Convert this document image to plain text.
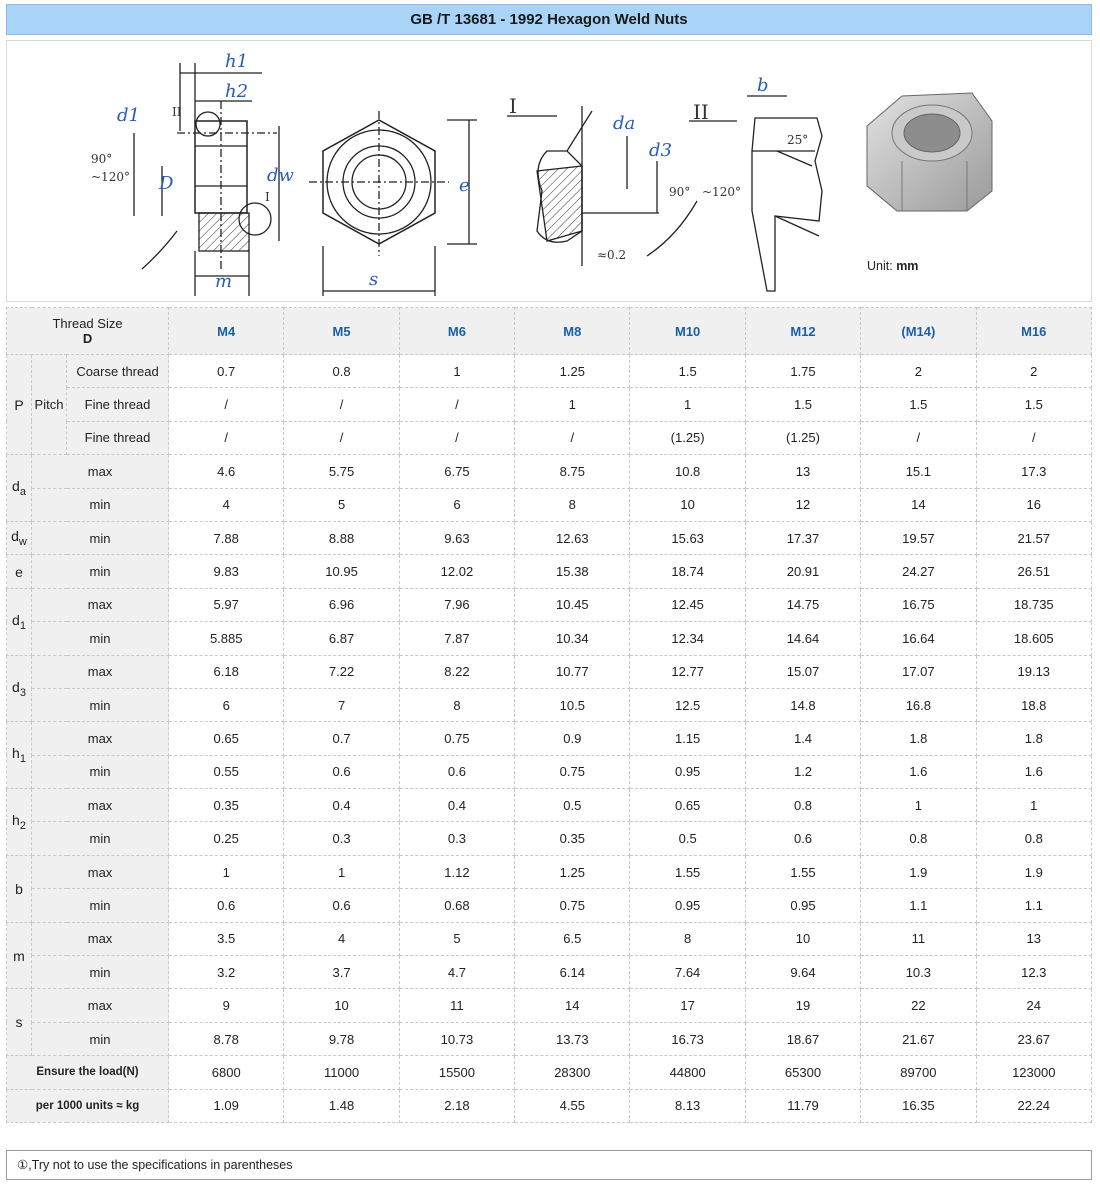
GB /T 13681 - 1992 Hexagon Weld Nuts
h1
h2
d1
D	dw
m
e
s
da
d3
b
90°
~120°
II
I
I	II
≈0.2
90° ~120°
25°
Unit: mm
Thread Size
D			M4	M5	M6	M8	M10	M12	(M14)	M16
P	Pitch	Coarse thread	0.7	0.8	1	1.25	1.5	1.75	2	2
		Fine thread	/	/	/	1	1	1.5	1.5	1.5
		Fine thread	/	/	/	/	(1.25)	(1.25)	/	/
$d_a$	max		4.6	5.75	6.75	8.75	10.8	13	15.1	17.3
	min		4	5	6	8	10	12	14	16
$d_w$	min		7.88	8.88	9.63	12.63	15.63	17.37	19.57	21.57
e	min		9.83	10.95	12.02	15.38	18.74	20.91	24.27	26.51
$d_1$	max		5.97	6.96	7.96	10.45	12.45	14.75	16.75	18.735
	min		5.885	6.87	7.87	10.34	12.34	14.64	16.64	18.605
$d_3$	max		6.18	7.22	8.22	10.77	12.77	15.07	17.07	19.13
	min		6	7	8	10.5	12.5	14.8	16.8	18.8
$h_1$	max		0.65	0.7	0.75	0.9	1.15	1.4	1.8	1.8
	min		0.55	0.6	0.6	0.75	0.95	1.2	1.6	1.6
$h_2$	max		0.35	0.4	0.4	0.5	0.65	0.8	1	1
	min		0.25	0.3	0.3	0.35	0.5	0.6	0.8	0.8
b	max		1	1	1.12	1.25	1.55	1.55	1.9	1.9
	min		0.6	0.6	0.68	0.75	0.95	0.95	1.1	1.1
m	max		3.5	4	5	6.5	8	10	11	13
	min		3.2	3.7	4.7	6.14	7.64	9.64	10.3	12.3
s	max		9	10	11	14	17	19	22	24
	min		8.78	9.78	10.73	13.73	16.73	18.67	21.67	23.67
Ensure the load(N)			6800	11000	15500	28300	44800	65300	89700	123000
per 1000 units ≈ kg			1.09	1.48	2.18	4.55	8.13	11.79	16.35	22.24
①,Try not to use the specifications in parentheses
